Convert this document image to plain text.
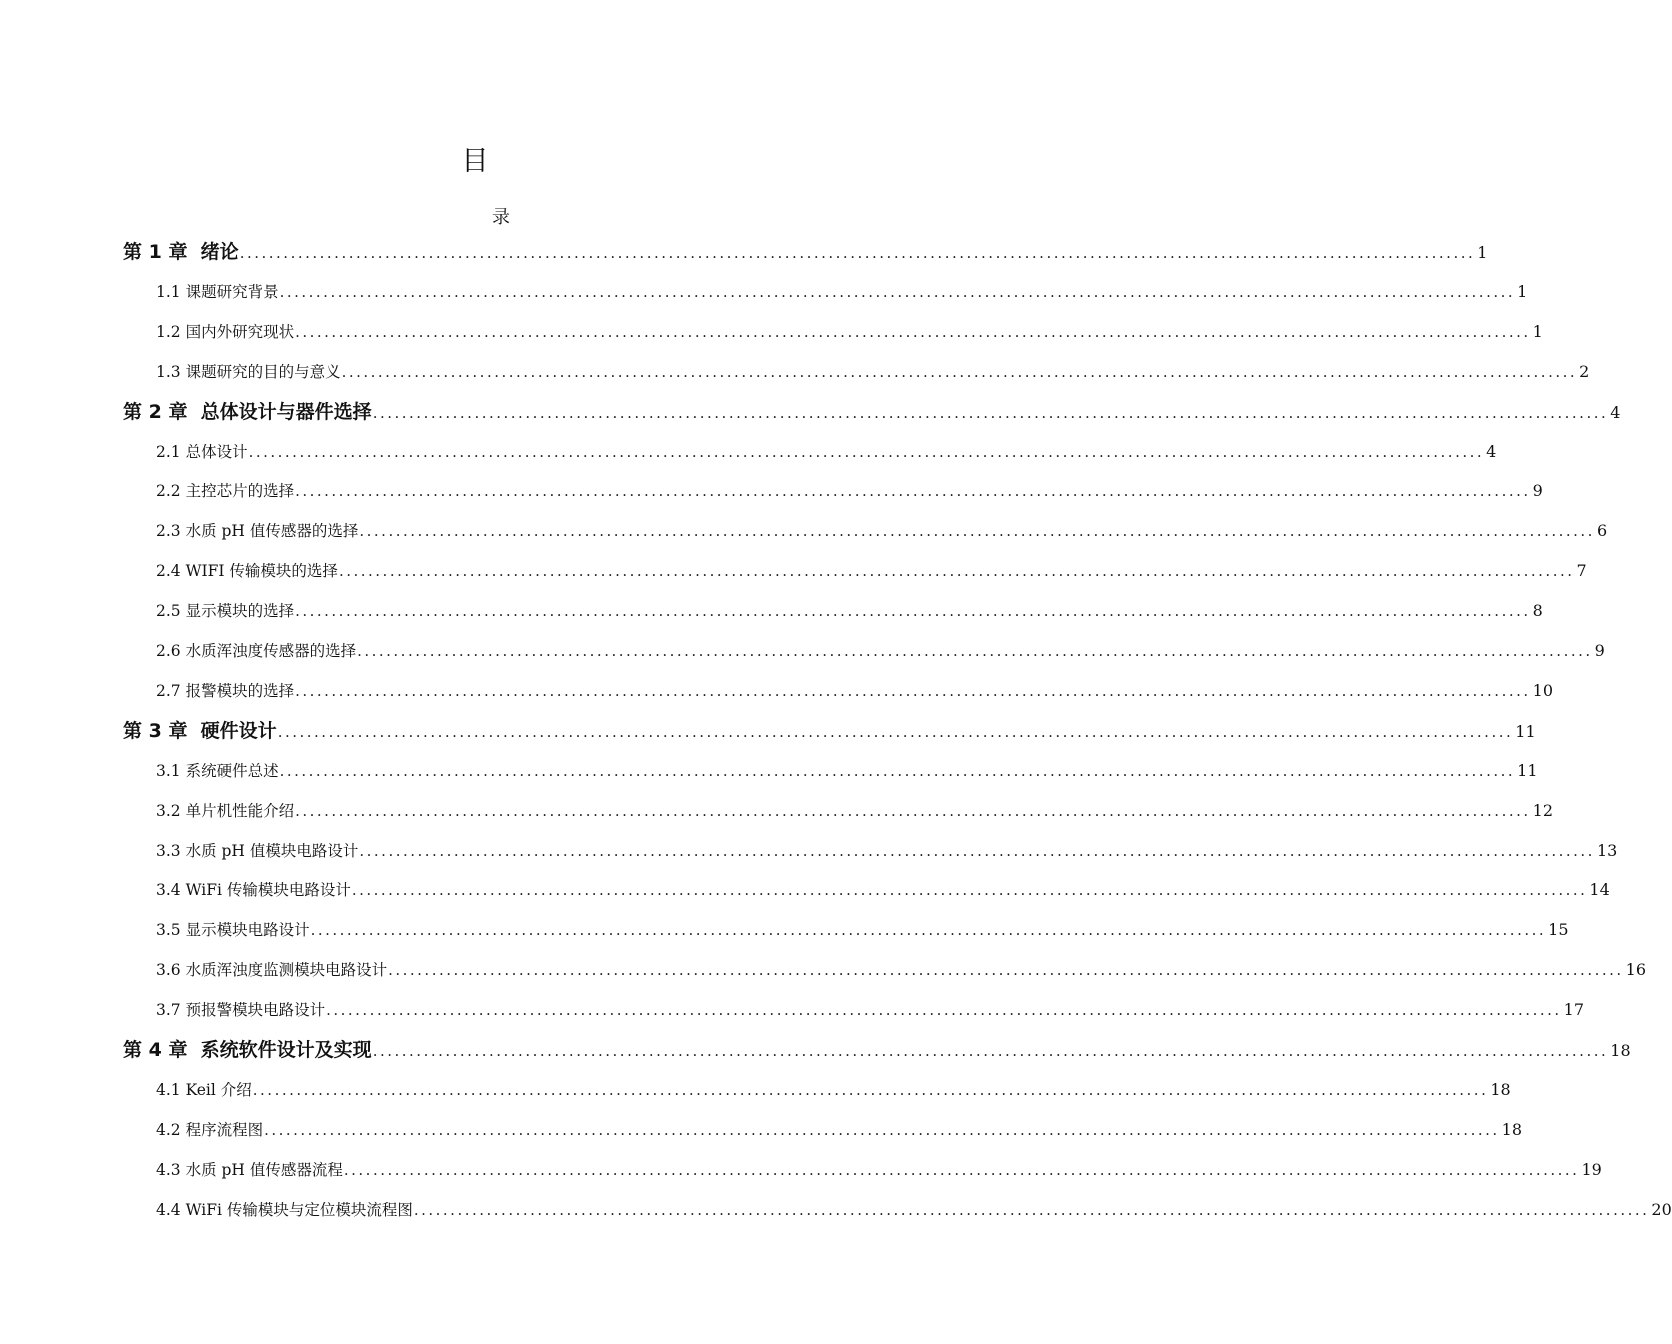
目
录
第 1 章  绪论 .......................................................................................................................................................................... 1
1.1 课题研究背景 .......................................................................................................................................................................... 1
1.2 国内外研究现状 .......................................................................................................................................................................... 1
1.3 课题研究的目的与意义 .......................................................................................................................................................................... 2
第 2 章  总体设计与器件选择 .......................................................................................................................................................................... 4
2.1 总体设计 .......................................................................................................................................................................... 4
2.2 主控芯片的选择 .......................................................................................................................................................................... 9
2.3 水质 pH 值传感器的选择 .......................................................................................................................................................................... 6
2.4 WIFI 传输模块的选择 .......................................................................................................................................................................... 7
2.5 显示模块的选择 .......................................................................................................................................................................... 8
2.6 水质浑浊度传感器的选择 .......................................................................................................................................................................... 9
2.7 报警模块的选择 .......................................................................................................................................................................... 10
第 3 章  硬件设计 .......................................................................................................................................................................... 11
3.1 系统硬件总述 .......................................................................................................................................................................... 11
3.2 单片机性能介绍 .......................................................................................................................................................................... 12
3.3 水质 pH 值模块电路设计 .......................................................................................................................................................................... 13
3.4 WiFi 传输模块电路设计 .......................................................................................................................................................................... 14
3.5 显示模块电路设计 .......................................................................................................................................................................... 15
3.6 水质浑浊度监测模块电路设计 .......................................................................................................................................................................... 16
3.7 预报警模块电路设计 .......................................................................................................................................................................... 17
第 4 章  系统软件设计及实现 .......................................................................................................................................................................... 18
4.1 Keil 介绍 .......................................................................................................................................................................... 18
4.2 程序流程图 .......................................................................................................................................................................... 18
4.3 水质 pH 值传感器流程 .......................................................................................................................................................................... 19
4.4 WiFi 传输模块与定位模块流程图 .......................................................................................................................................................................... 20
